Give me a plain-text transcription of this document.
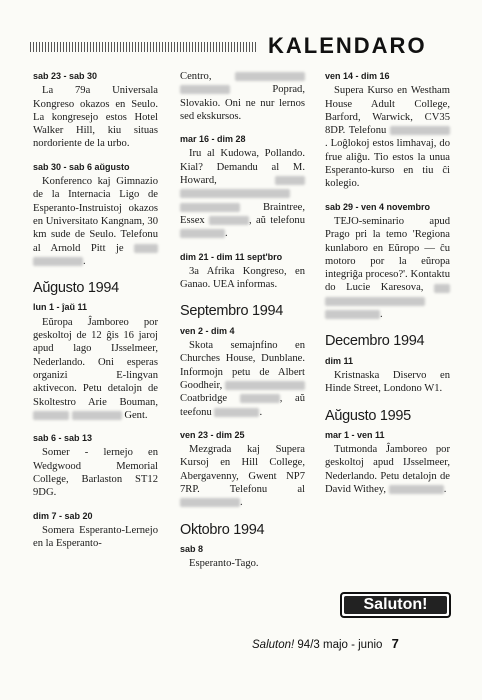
KALENDARO
sab 23 - sab 30

La 79a Universala Kongreso okazos en Seulo. La kongresejo estos Hotel Walker Hill, kiu situas nordoriente de la urbo.

sab 30 - sab 6 aŭgusto

Konferenco kaj Gimnazio de la Internacia Ligo de Esperanto-Instruistoj okazos en Universitato Kangnam, 30 km sude de Seulo. Telefonu al Arnold Pitt je  .

Aŭgusto 1994
lun 1 - ĵaŭ 11

Eŭropa Ĵamboreo por geskoltoj de 12 ĝis 16 jaroj apud lago IJsselmeer, Nederlando. Oni esperas organizi E-lingvan aktivecon. Petu detalojn de Skoltestro Arie Bouman,   Gent.

sab 6 - sab 13

Somer - lernejo en Wedgwood Memorial College, Barlaston ST12 9DG.

dim 7 - sab 20

Somera Esperanto-Lernejo en la Esperanto-

Centro,   Poprad, Slovakio. Oni ne nur lernos sed ekskursos.

mar 16 - dim 28

Iru al Kudowa, Pollando. Kial? Demandu al M. Howard,    Braintree, Essex	, aŭ telefonu .

dim 21 - dim 11 sept'bro

3a Afrika Kongreso, en Ganao. UEA informas.

Septembro 1994
ven 2 - dim 4

Skota semajnfino en Churches House, Dunblane. Informojn petu de Albert Goodheir,  Coatbridge	, aŭ teefonu	.

ven 23 - dim 25

Mezgrada kaj Supera Kursoj en Hill College, Abergavenny, Gwent NP7 7RP. Telefonu al .

Oktobro 1994
sab 8

Esperanto-Tago.

ven 14 - dim 16

Supera Kurso en Westham House Adult College, Barford, Warwick, CV35 8DP. Telefonu . Loĝlokoj estos limhavaj, do frue aliĝu. Tio estos la unua Esperanto-kurso en tiu ĉi kolegio.

sab 29 - ven 4 novembro

TEJO-seminario apud Prago pri la temo 'Regiona kunlaboro en Eŭropo — ĉu motoro por la eŭropa integriĝa proceso?'. Kontaktu do Lucie Karesova,   .

Decembro 1994
dim 11

Kristnaska Diservo en Hinde Street, Londono W1.

Aŭgusto 1995
mar 1 - ven 11

Tutmonda Ĵamboreo por geskoltoj apud IJsselmeer, Nederlando. Petu detalojn de David Withey,	.

Saluton!
Saluton! 94/3 majo - junio 7
